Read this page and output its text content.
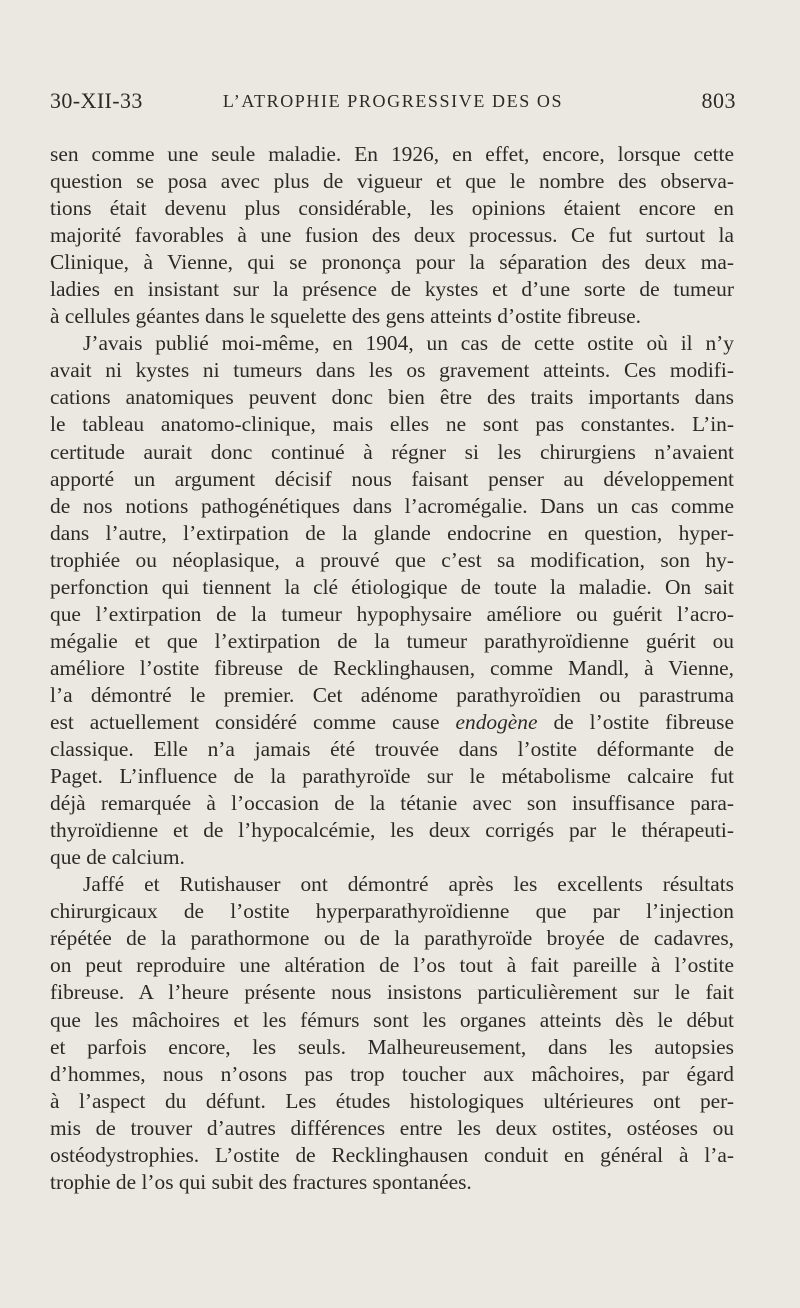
30-XII-33	L’ATROPHIE PROGRESSIVE DES OS	803
sen comme une seule maladie. En 1926, en effet, encore, lorsque cette
question se posa avec plus de vigueur et que le nombre des observa-
tions était devenu plus considérable, les opinions étaient encore en
majorité favorables à une fusion des deux processus. Ce fut surtout la
Clinique, à Vienne, qui se prononça pour la séparation des deux ma-
ladies en insistant sur la présence de kystes et d’une sorte de tumeur
à cellules géantes dans le squelette des gens atteints d’ostite fibreuse.
J’avais publié moi-même, en 1904, un cas de cette ostite où il n’y
avait ni kystes ni tumeurs dans les os gravement atteints. Ces modifi-
cations anatomiques peuvent donc bien être des traits importants dans
le tableau anatomo-clinique, mais elles ne sont pas constantes. L’in-
certitude aurait donc continué à régner si les chirurgiens n’avaient
apporté un argument décisif nous faisant penser au développement
de nos notions pathogénétiques dans l’acromégalie. Dans un cas comme
dans l’autre, l’extirpation de la glande endocrine en question, hyper-
trophiée ou néoplasique, a prouvé que c’est sa modification, son hy-
perfonction qui tiennent la clé étiologique de toute la maladie. On sait
que l’extirpation de la tumeur hypophysaire améliore ou guérit l’acro-
mégalie et que l’extirpation de la tumeur parathyroïdienne guérit ou
améliore l’ostite fibreuse de Recklinghausen, comme Mandl, à Vienne,
l’a démontré le premier. Cet adénome parathyroïdien ou parastruma
est actuellement considéré comme cause endogène de l’ostite fibreuse
classique. Elle n’a jamais été trouvée dans l’ostite déformante de
Paget. L’influence de la parathyroïde sur le métabolisme calcaire fut
déjà remarquée à l’occasion de la tétanie avec son insuffisance para-
thyroïdienne et de l’hypocalcémie, les deux corrigés par le thérapeuti-
que de calcium.
Jaffé et Rutishauser ont démontré après les excellents résultats
chirurgicaux de l’ostite hyperparathyroïdienne que par l’injection
répétée de la parathormone ou de la parathyroïde broyée de cadavres,
on peut reproduire une altération de l’os tout à fait pareille à l’ostite
fibreuse. A l’heure présente nous insistons particulièrement sur le fait
que les mâchoires et les fémurs sont les organes atteints dès le début
et parfois encore, les seuls. Malheureusement, dans les autopsies
d’hommes, nous n’osons pas trop toucher aux mâchoires, par égard
à l’aspect du défunt. Les études histologiques ultérieures ont per-
mis de trouver d’autres différences entre les deux ostites, ostéoses ou
ostéodystrophies. L’ostite de Recklinghausen conduit en général à l’a-
trophie de l’os qui subit des fractures spontanées.
